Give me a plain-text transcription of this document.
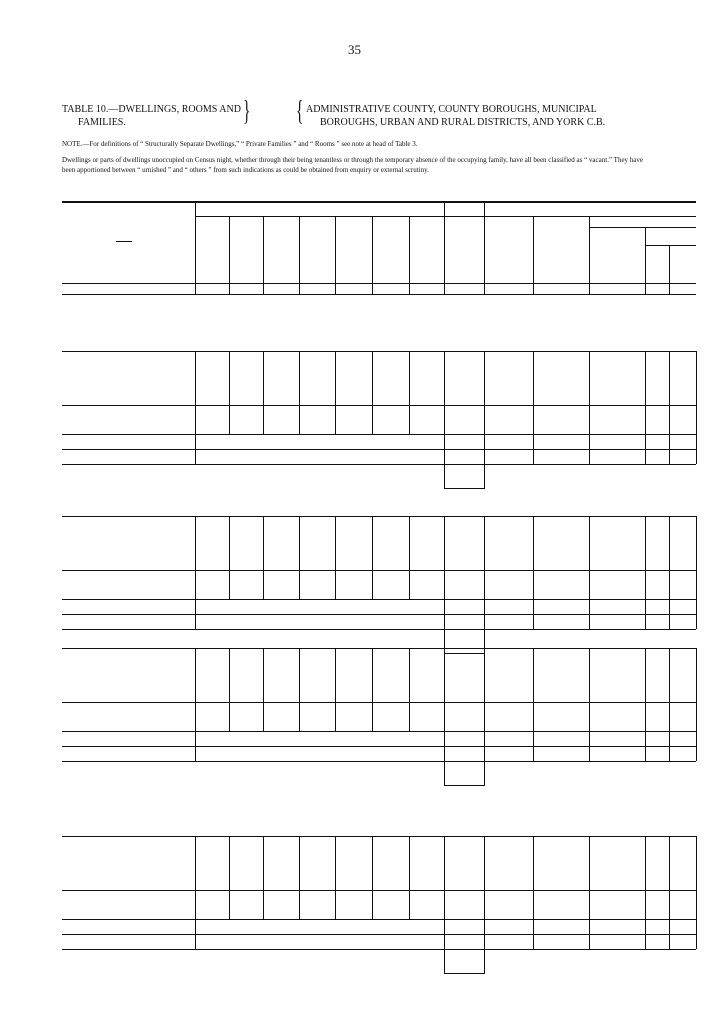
35
TABLE 10.—DWELLINGS, ROOMS AND
FAMILIES.	} { ADMINISTRATIVE COUNTY, COUNTY BOROUGHS, MUNICIPAL
BOROUGHS, URBAN AND RURAL DISTRICTS, AND YORK C.B.
NOTE.—For definitions of “ Structurally Separate Dwellings,” “ Private Families ” and “ Rooms ” see note at head of Table 3.
Dwellings or parts of dwellings unoccupied on Census night, whether through their being tenantless or through the temporary absence of the occupying family, have all been classified as “ vacant.” They have been apportioned between “ urnished ” and “ others ” from such indications as could be obtained from enquiry or external scrutiny.
